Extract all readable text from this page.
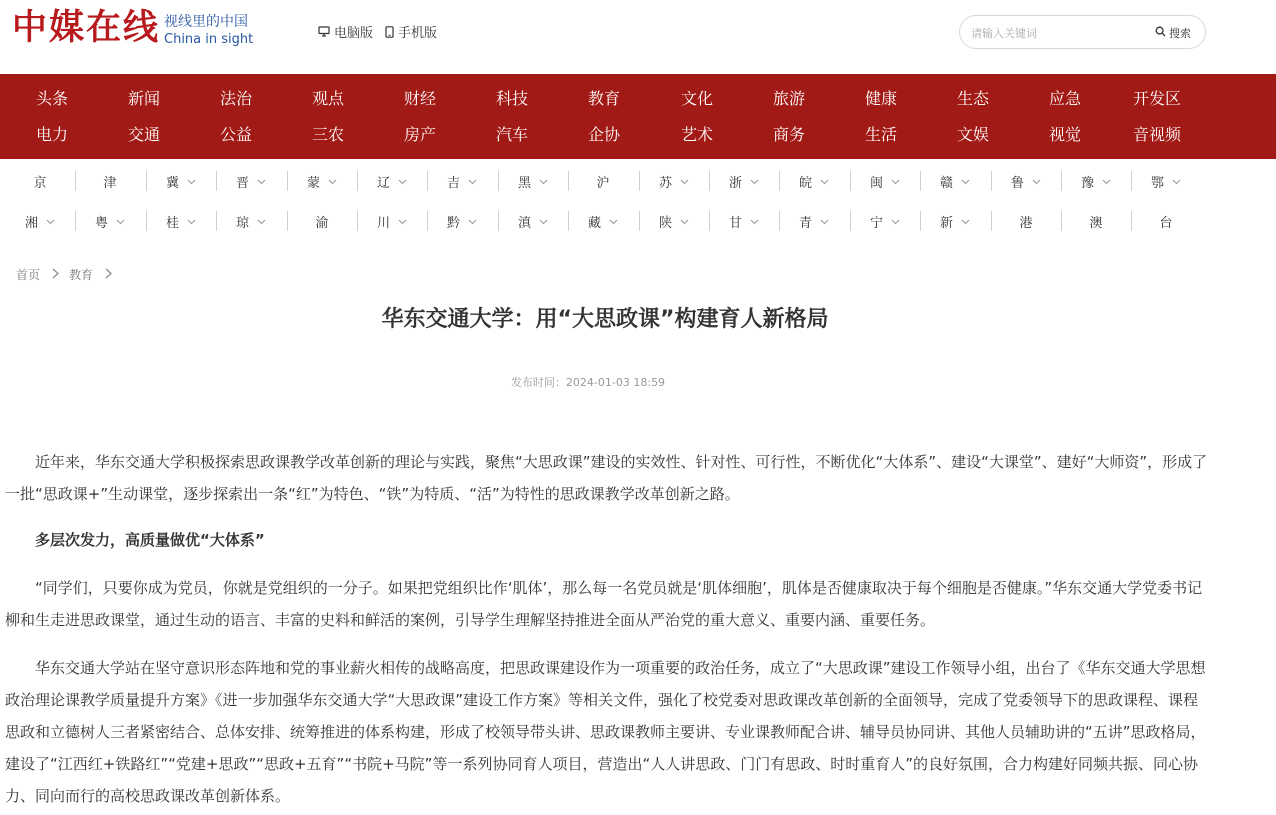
中媒在线 视线里的中国
China in sight	电脑版 手机版
请输入关键词	搜索
头条	新闻	法治	观点	财经	科技	教育	文化	旅游	健康	生态	应急	开发区
电力	交通	公益	三农	房产	汽车	企协	艺术	商务	生活	文娱	视觉	音视频
京	津	冀	晋	蒙	辽	吉	黑	沪	苏	浙	皖	闽	赣	鲁	豫	鄂
湘	粤	桂	琼	渝	川	黔	滇	藏	陕	甘	青	宁	新	港	澳	台
首页 教育
华东交通大学：用“大思政课”构建育人新格局
发布时间：2024-01-03 18:59

近年来，华东交通大学积极探索思政课教学改革创新的理论与实践，聚焦“大思政课”建设的实效性、针对性、可行性，不断优化“大体系”、建设“大课堂”、建好“大师资”，形成了一批“思政课+”生动课堂，逐步探索出一条“红”为特色、“铁”为特质、“活”为特性的思政课教学改革创新之路。

多层次发力，高质量做优“大体系”

“同学们，只要你成为党员，你就是党组织的一分子。如果把党组织比作‘肌体’，那么每一名党员就是‘肌体细胞’，肌体是否健康取决于每个细胞是否健康。”华东交通大学党委书记柳和生走进思政课堂，通过生动的语言、丰富的史料和鲜活的案例，引导学生理解坚持推进全面从严治党的重大意义、重要内涵、重要任务。

华东交通大学站在坚守意识形态阵地和党的事业薪火相传的战略高度，把思政课建设作为一项重要的政治任务，成立了“大思政课”建设工作领导小组，出台了《华东交通大学思想政治理论课教学质量提升方案》《进一步加强华东交通大学“大思政课”建设工作方案》等相关文件，强化了校党委对思政课改革创新的全面领导，完成了党委领导下的思政课程、课程思政和立德树人三者紧密结合、总体安排、统筹推进的体系构建，形成了校领导带头讲、思政课教师主要讲、专业课教师配合讲、辅导员协同讲、其他人员辅助讲的“五讲”思政格局，建设了“江西红+铁路红”“党建+思政”“思政+五育”“书院+马院”等一系列协同育人项目，营造出“人人讲思政、门门有思政、时时重育人”的良好氛围，合力构建好同频共振、同心协力、同向而行的高校思政课改革创新体系。
